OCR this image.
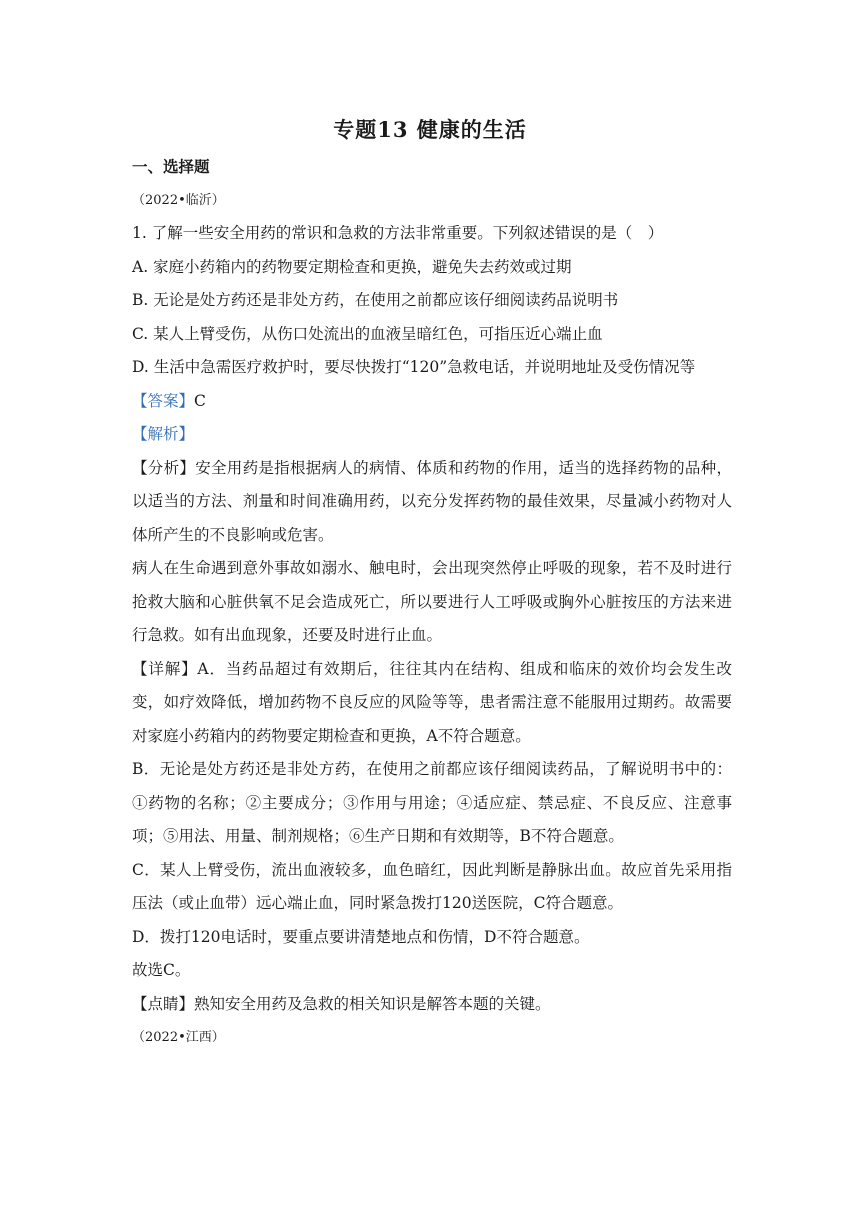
专题13 健康的生活

一、选择题

（2022•临沂）

1. 了解一些安全用药的常识和急救的方法非常重要。下列叙述错误的是（　）

A. 家庭小药箱内的药物要定期检查和更换，避免失去药效或过期

B. 无论是处方药还是非处方药，在使用之前都应该仔细阅读药品说明书

C. 某人上臂受伤，从伤口处流出的血液呈暗红色，可指压近心端止血

D. 生活中急需医疗救护时，要尽快拨打“120”急救电话，并说明地址及受伤情况等

【答案】C

【解析】

【分析】安全用药是指根据病人的病情、体质和药物的作用，适当的选择药物的品种，以适当的方法、剂量和时间准确用药，以充分发挥药物的最佳效果，尽量减小药物对人体所产生的不良影响或危害。

病人在生命遇到意外事故如溺水、触电时，会出现突然停止呼吸的现象，若不及时进行抢救大脑和心脏供氧不足会造成死亡，所以要进行人工呼吸或胸外心脏按压的方法来进行急救。如有出血现象，还要及时进行止血。

【详解】A．当药品超过有效期后，往往其内在结构、组成和临床的效价均会发生改变，如疗效降低，增加药物不良反应的风险等等，患者需注意不能服用过期药。故需要对家庭小药箱内的药物要定期检查和更换，A不符合题意。

B．无论是处方药还是非处方药，在使用之前都应该仔细阅读药品，了解说明书中的：①药物的名称；②主要成分；③作用与用途；④适应症、禁忌症、不良反应、注意事项；⑤用法、用量、制剂规格；⑥生产日期和有效期等，B不符合题意。

C．某人上臂受伤，流出血液较多，血色暗红，因此判断是静脉出血。故应首先采用指压法（或止血带）远心端止血，同时紧急拨打120送医院，C符合题意。

D．拨打120电话时，要重点要讲清楚地点和伤情，D不符合题意。

故选C。

【点睛】熟知安全用药及急救的相关知识是解答本题的关键。

（2022•江西）
